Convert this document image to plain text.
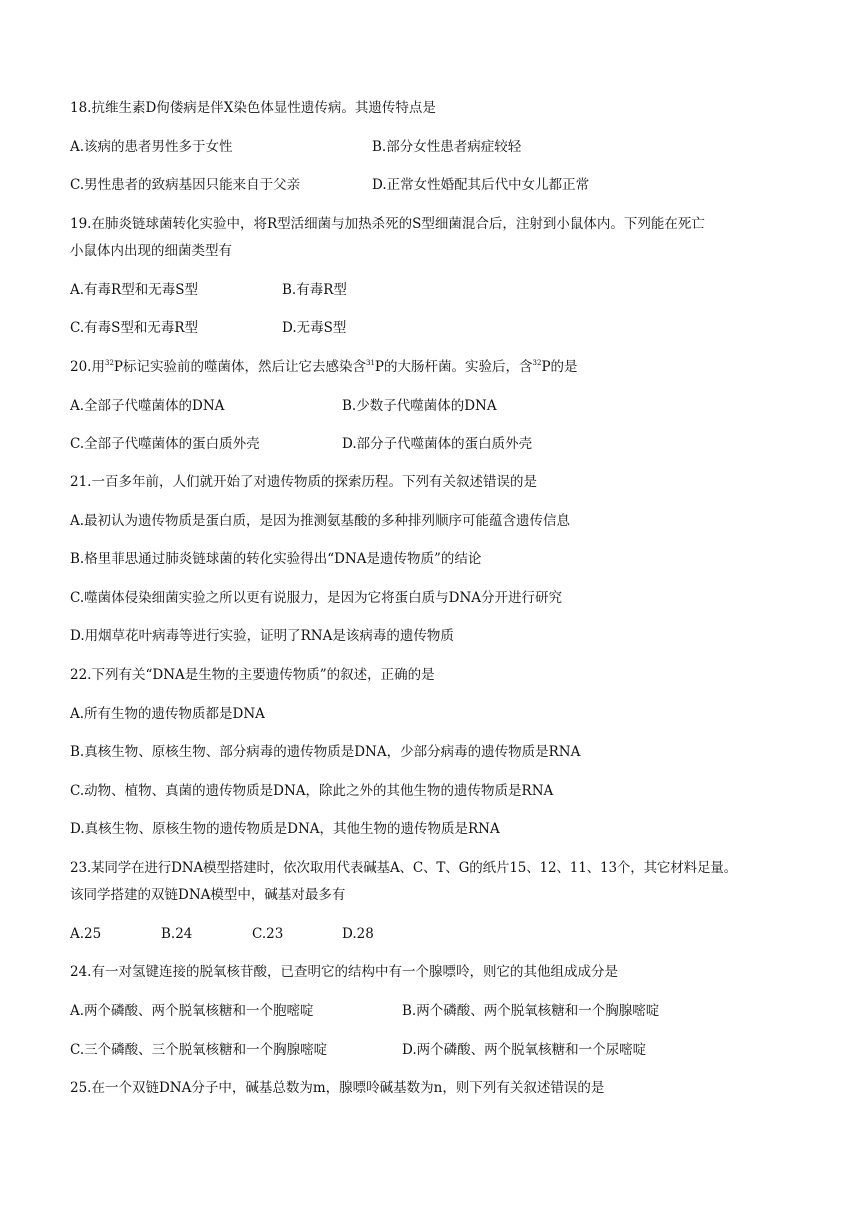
18.抗维生素D佝偻病是伴X染色体显性遗传病。其遗传特点是
A.该病的患者男性多于女性	B.部分女性患者病症较轻
C.男性患者的致病基因只能来自于父亲	D.正常女性婚配其后代中女儿都正常
19.在肺炎链球菌转化实验中，将R型活细菌与加热杀死的S型细菌混合后，注射到小鼠体内。下列能在死亡
小鼠体内出现的细菌类型有
A.有毒R型和无毒S型	B.有毒R型
C.有毒S型和无毒R型	D.无毒S型
20.用$^{32}$P标记实验前的噬菌体，然后让它去感染含$^{31}$P的大肠杆菌。实验后，含$^{32}$P的是
A.全部子代噬菌体的DNA	B.少数子代噬菌体的DNA
C.全部子代噬菌体的蛋白质外壳	D.部分子代噬菌体的蛋白质外壳
21.一百多年前，人们就开始了对遗传物质的探索历程。下列有关叙述错误的是
A.最初认为遗传物质是蛋白质，是因为推测氨基酸的多种排列顺序可能蕴含遗传信息
B.格里菲思通过肺炎链球菌的转化实验得出“DNA是遗传物质”的结论
C.噬菌体侵染细菌实验之所以更有说服力，是因为它将蛋白质与DNA分开进行研究
D.用烟草花叶病毒等进行实验，证明了RNA是该病毒的遗传物质
22.下列有关“DNA是生物的主要遗传物质”的叙述，正确的是
A.所有生物的遗传物质都是DNA
B.真核生物、原核生物、部分病毒的遗传物质是DNA，少部分病毒的遗传物质是RNA
C.动物、植物、真菌的遗传物质是DNA，除此之外的其他生物的遗传物质是RNA
D.真核生物、原核生物的遗传物质是DNA，其他生物的遗传物质是RNA
23.某同学在进行DNA模型搭建时，依次取用代表碱基A、C、T、G的纸片15、12、11、13个，其它材料足量。
该同学搭建的双链DNA模型中，碱基对最多有
A.25	B.24	C.23	D.28
24.有一对氢键连接的脱氧核苷酸，已查明它的结构中有一个腺嘌呤，则它的其他组成成分是
A.两个磷酸、两个脱氧核糖和一个胞嘧啶	B.两个磷酸、两个脱氧核糖和一个胸腺嘧啶
C.三个磷酸、三个脱氧核糖和一个胸腺嘧啶	D.两个磷酸、两个脱氧核糖和一个尿嘧啶
25.在一个双链DNA分子中，碱基总数为m，腺嘌呤碱基数为n，则下列有关叙述错误的是
